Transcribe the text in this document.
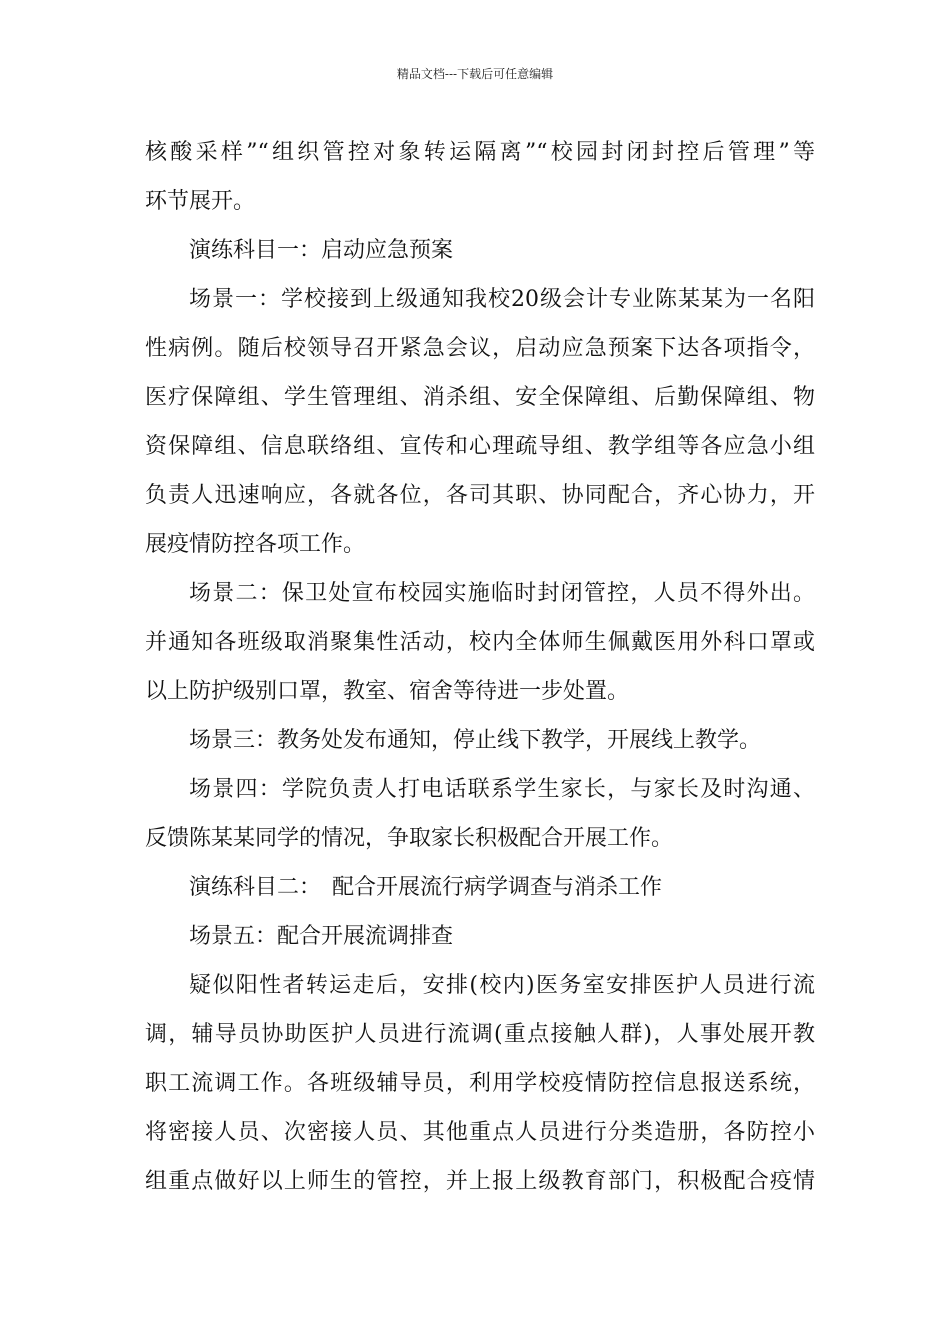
精品文档---下载后可任意编辑
核酸采样”“组织管控对象转运隔离”“校园封闭封控后管理”等
环节展开。
演练科目一：启动应急预案
场景一：学校接到上级通知我校20级会计专业陈某某为一名阳
性病例。随后校领导召开紧急会议，启动应急预案下达各项指令，
医疗保障组、学生管理组、消杀组、安全保障组、后勤保障组、物
资保障组、信息联络组、宣传和心理疏导组、教学组等各应急小组
负责人迅速响应，各就各位，各司其职、协同配合，齐心协力，开
展疫情防控各项工作。
场景二：保卫处宣布校园实施临时封闭管控，人员不得外出。
并通知各班级取消聚集性活动，校内全体师生佩戴医用外科口罩或
以上防护级别口罩，教室、宿舍等待进一步处置。
场景三：教务处发布通知，停止线下教学，开展线上教学。
场景四：学院负责人打电话联系学生家长，与家长及时沟通、
反馈陈某某同学的情况，争取家长积极配合开展工作。
演练科目二：　配合开展流行病学调查与消杀工作
场景五：配合开展流调排查
疑似阳性者转运走后，安排(校内)医务室安排医护人员进行流
调，辅导员协助医护人员进行流调(重点接触人群)，人事处展开教
职工流调工作。各班级辅导员，利用学校疫情防控信息报送系统，
将密接人员、次密接人员、其他重点人员进行分类造册，各防控小
组重点做好以上师生的管控，并上报上级教育部门，积极配合疫情
